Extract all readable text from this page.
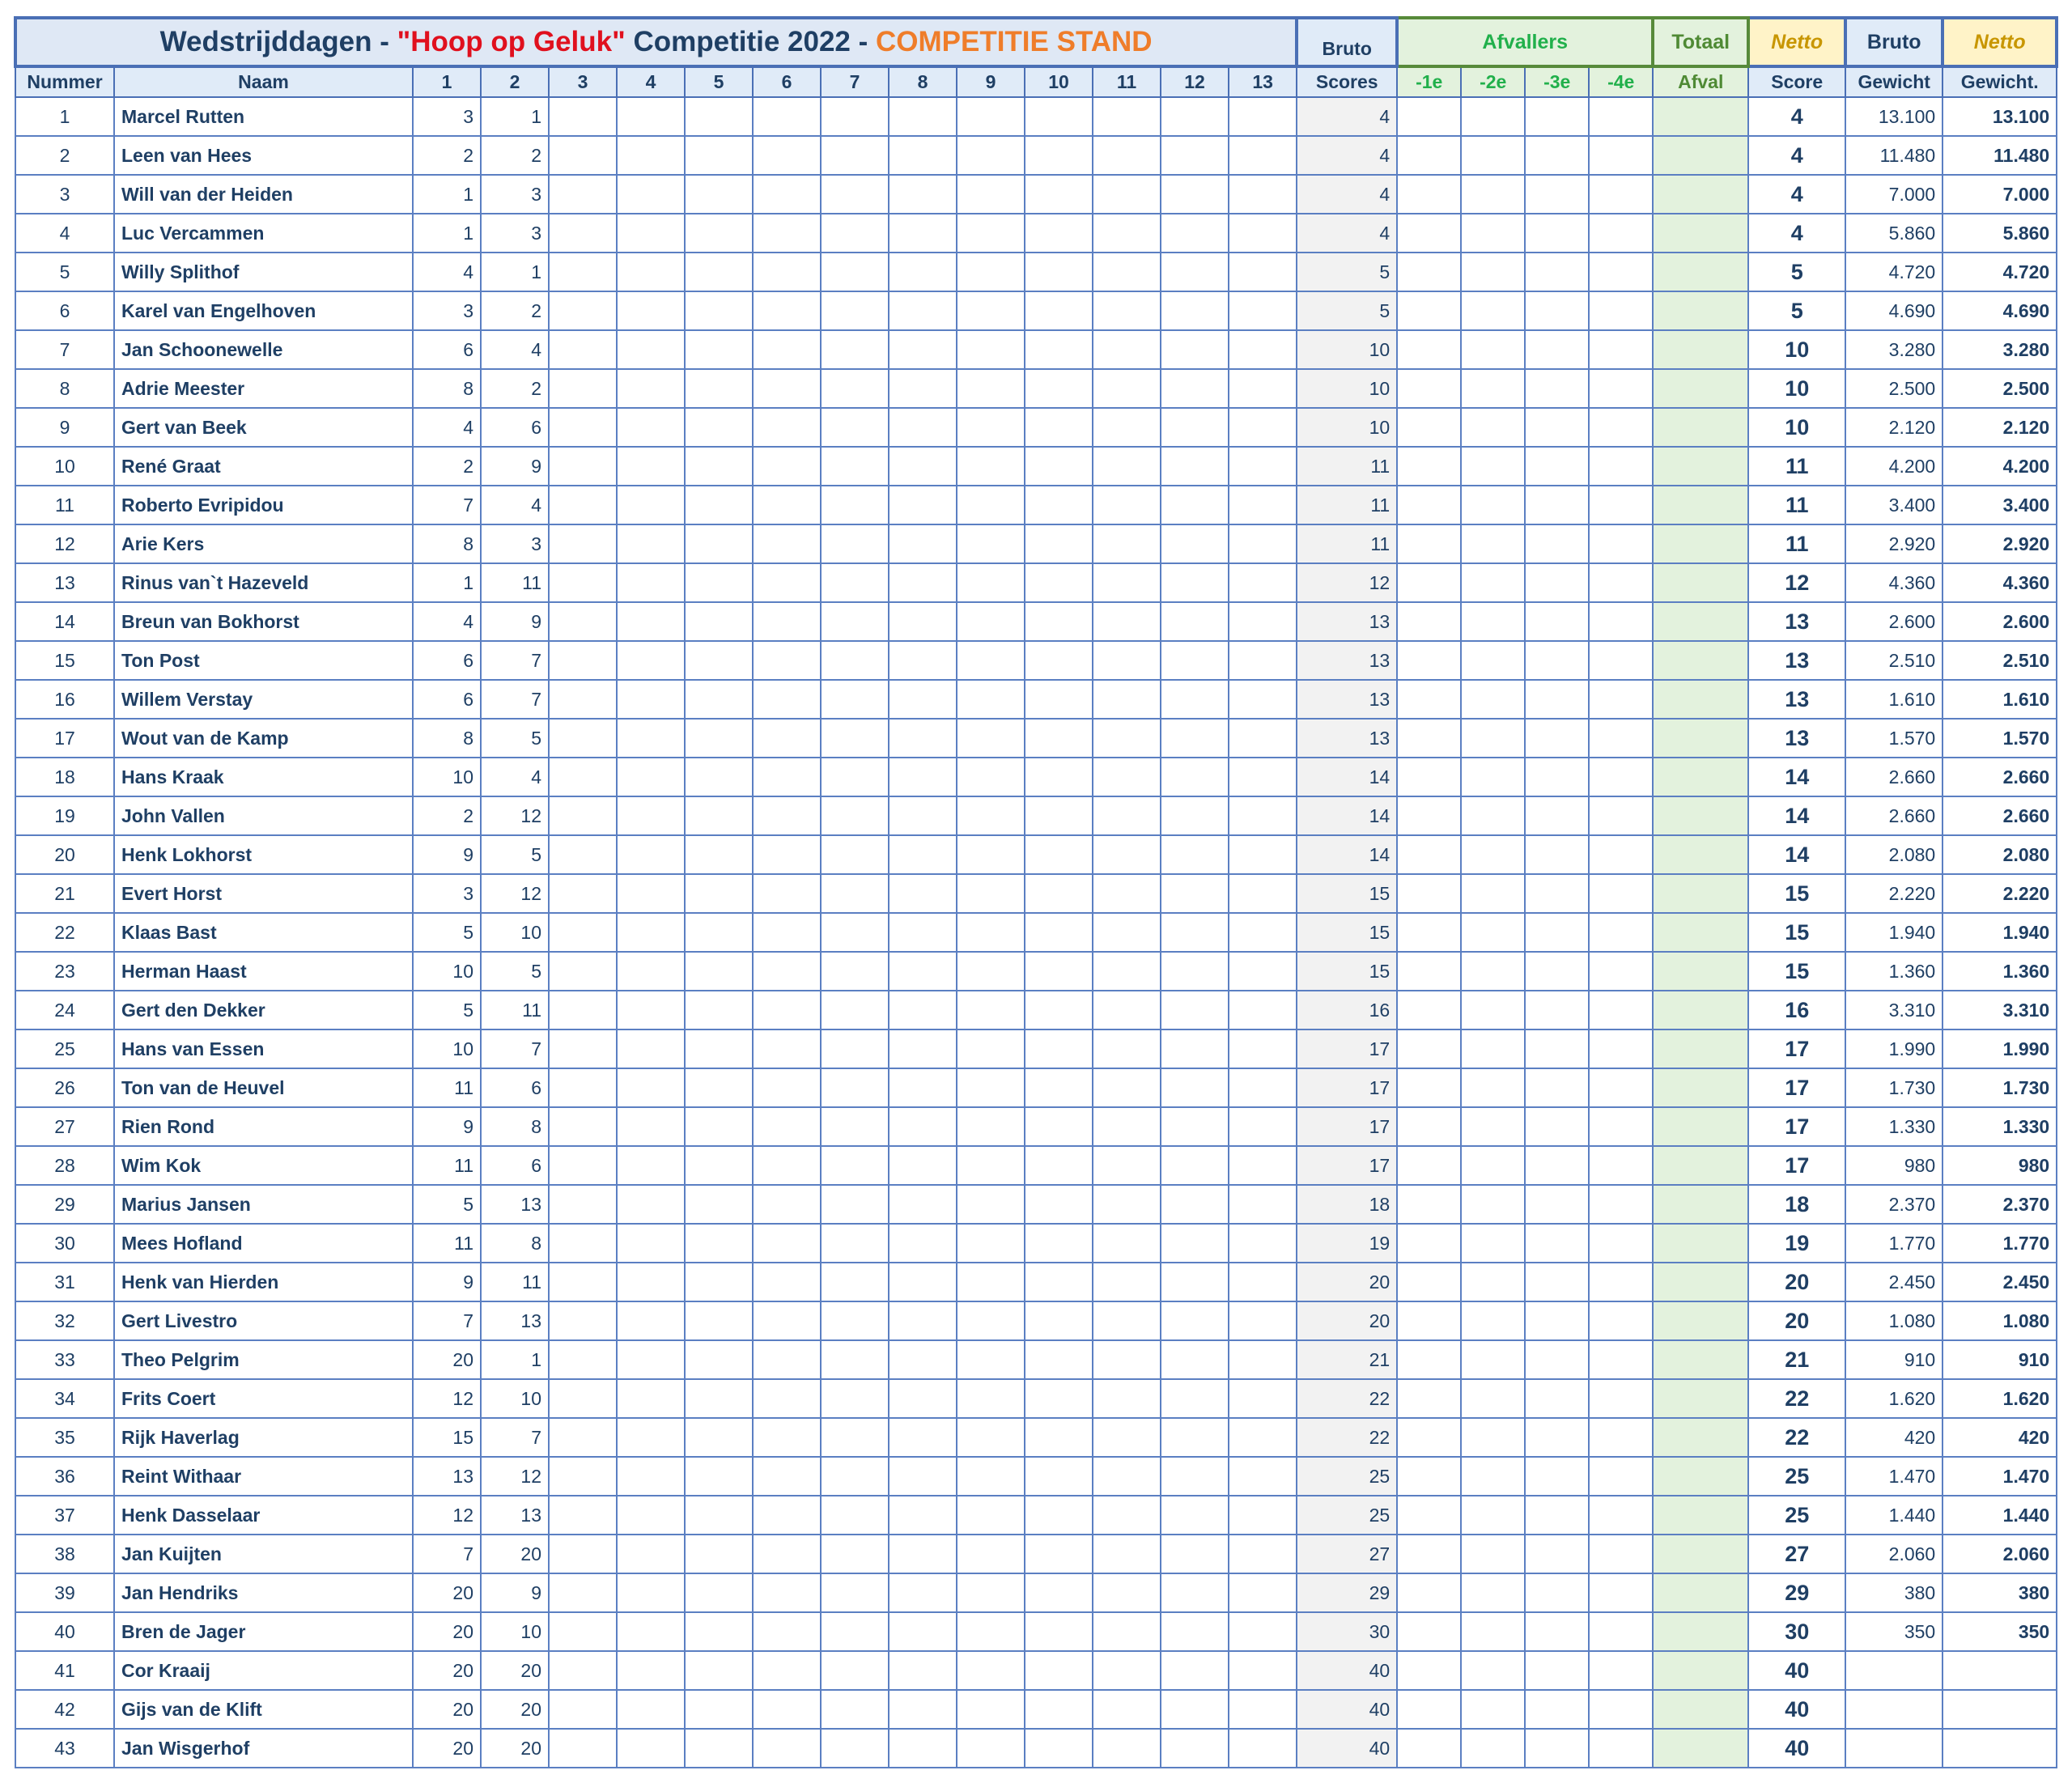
Wedstrijddagen - "Hoop op Geluk" Competitie 2022 - COMPETITIE STAND															Bruto	Afvallers				Totaal	Netto	Bruto	Netto
Nummer	Naam	1	2	3	4	5	6	7	8	9	10	11	12	13	Scores	-1e	-2e	-3e	-4e	Afval	Score	Gewicht	Gewicht.
1	Marcel Rutten	3	1												4						4	13.100	13.100
2	Leen van Hees	2	2												4						4	11.480	11.480
3	Will van der Heiden	1	3												4						4	7.000	7.000
4	Luc Vercammen	1	3												4						4	5.860	5.860
5	Willy Splithof	4	1												5						5	4.720	4.720
6	Karel van Engelhoven	3	2												5						5	4.690	4.690
7	Jan Schoonewelle	6	4												10						10	3.280	3.280
8	Adrie Meester	8	2												10						10	2.500	2.500
9	Gert van Beek	4	6												10						10	2.120	2.120
10	René Graat	2	9												11						11	4.200	4.200
11	Roberto Evripidou	7	4												11						11	3.400	3.400
12	Arie Kers	8	3												11						11	2.920	2.920
13	Rinus van`t Hazeveld	1	11												12						12	4.360	4.360
14	Breun van Bokhorst	4	9												13						13	2.600	2.600
15	Ton Post	6	7												13						13	2.510	2.510
16	Willem Verstay	6	7												13						13	1.610	1.610
17	Wout van de Kamp	8	5												13						13	1.570	1.570
18	Hans Kraak	10	4												14						14	2.660	2.660
19	John Vallen	2	12												14						14	2.660	2.660
20	Henk Lokhorst	9	5												14						14	2.080	2.080
21	Evert Horst	3	12												15						15	2.220	2.220
22	Klaas Bast	5	10												15						15	1.940	1.940
23	Herman Haast	10	5												15						15	1.360	1.360
24	Gert den Dekker	5	11												16						16	3.310	3.310
25	Hans van Essen	10	7												17						17	1.990	1.990
26	Ton van de Heuvel	11	6												17						17	1.730	1.730
27	Rien Rond	9	8												17						17	1.330	1.330
28	Wim Kok	11	6												17						17	980	980
29	Marius Jansen	5	13												18						18	2.370	2.370
30	Mees Hofland	11	8												19						19	1.770	1.770
31	Henk van Hierden	9	11												20						20	2.450	2.450
32	Gert Livestro	7	13												20						20	1.080	1.080
33	Theo Pelgrim	20	1												21						21	910	910
34	Frits Coert	12	10												22						22	1.620	1.620
35	Rijk Haverlag	15	7												22						22	420	420
36	Reint Withaar	13	12												25						25	1.470	1.470
37	Henk Dasselaar	12	13												25						25	1.440	1.440
38	Jan Kuijten	7	20												27						27	2.060	2.060
39	Jan Hendriks	20	9												29						29	380	380
40	Bren de Jager	20	10												30						30	350	350
41	Cor Kraaij	20	20												40						40		
42	Gijs van de Klift	20	20												40						40		
43	Jan Wisgerhof	20	20												40						40		
